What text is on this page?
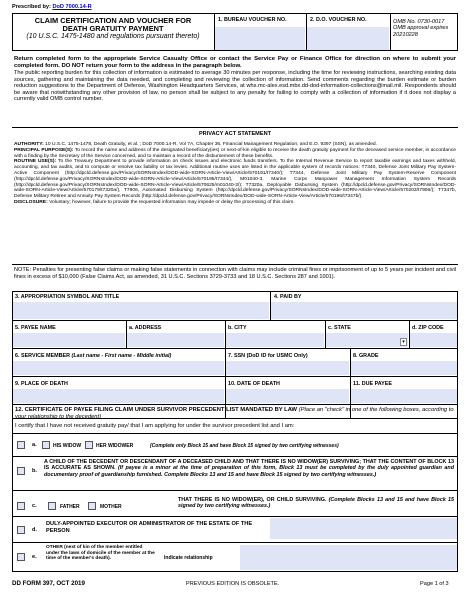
Prescribed by: DoD 7000.14-R
CLAIM CERTIFICATION AND VOUCHER FOR
DEATH GRATUITY PAYMENT
(10 U.S.C. 1475-1480 and regulations pursuant thereto)
1. BUREAU VOUCHER NO.	2. D.O. VOUCHER NO.	OMB No. 0730-0017
OMB approval expires
20210228
Return completed form to the appropriate Service Casualty Office or contact the Service Pay or Finance Office for direction on where to submit your completed form. DO NOT return your form to the address in the paragraph below.
The public reporting burden for this collection of information is estimated to average 30 minutes per response, including the time for reviewing instructions, searching existing data sources, gathering and maintaining the data needed, and completing and reviewing the collection of information. Send comments regarding the burden estimate or burden reduction suggestions to the Department of Defense, Washington Headquarters Services, at whs.mc-alex.esd.mbx.dd-dod-information-collections@mail.mil. Respondents should be aware that notwithstanding any other provision of law, no person shall be subject to any penalty for failing to comply with a collection of information if it does not display a currently valid OMB control number.
PRIVACY ACT STATEMENT
AUTHORITY: 10 U.S.C. 1475-1478, Death Gratuity, et al. ; DoD 7000.14-R, Vol 7A, Chapter 36, Financial Management Regulation; and E.O. 9397 (SSN), as amended.
PRINCIPAL PURPOSE(S): To record the name and address of the designated beneficiary(ies) or next-of-kin eligible to receive the death gratuity payment for the deceased service member, in accordance with a finding by the Secretary of the Service concerned, and to maintain a record of the disbursement of these benefits.
ROUTINE USE(S): To the Treasury Department to provide information on check issues and electronic funds transfers. To the Internal Revenue Service to report taxable earnings and taxes withheld, accounting, and tax audits, and to compute or resolve tax liability or tax levies. Additional routine uses are listed in the applicable system of records notices: T7340, Defense Joint Military Pay System-Active Component (http://dpcld.defense.gov/Privacy/SORNsIndex/DOD-wide-SORN-Article-View/Article/570191/t7340/); T7344, Defense Joint Military Pay System-Reserve Component (http://dpcld.defense.gov/Privacy/SORNsIndex/DOD-wide-SORN-Article-View/Article/570195/t7344/), M01040-3, Marine Corps Manpower Management Information System Records (http://dpcld.defense.gov/Privacy/SORNsIndex/DOD-wide-SORN-Article-View/Article/570625/m01040-3/); T7320a, Deployable Disbursing System (http://dpcld.defense.gov/Privacy/SORNsIndex/DOD-wide-SORN-Article-View/Article/570179/t7320a/), T7906, Automated Disbursing System (http://dpcld.defense.gov/Privacy/SORNsIndex/DOD-wide-SORN-Article-View/Article/570203/t7906/); T7347b, Defense Military Retiree and Annuity Pay System Records (http://dpcld.defense.gov/Privacy/SORNsIndex/DOD-wide-SORN-Article-View/Article/570196/t7347b/).
DISCLOSURE: Voluntary; however, failure to provide the requested information may impede or delay the processing of this claim.
NOTE: Penalties for presenting false claims or making false statements in connection with claims may include criminal fines or imprisonment of up to 5 years per incident and civil fines in excess of $10,000 (False Claims Act, as amended, 31 U.S.C. Sections 3729-3733 and 18 U.S.C. Sections 287 and 1001).
3. APPROPRIATION SYMBOL AND TITLE	4. PAID BY
5. PAYEE NAME	a. ADDRESS	b. CITY	c. STATE	d. ZIP CODE
▾
6. SERVICE MEMBER (Last name - First name - Middle initial)	7. SSN (DoD ID for USMC Only)	8. GRADE
9. PLACE OF DEATH	10. DATE OF DEATH	11. DUE PAYEE
12. CERTIFICATE OF PAYEE FILING CLAIM UNDER SURVIVOR PRECEDENT LIST MANDATED BY LAW (Place an "check" in one of the following boxes, according to your relationship to the decedent)
I certify that I have not received gratuity pay/ that I am applying for under the survivor precedent list and I am:
a.	HIS WIDOW	HER WIDOWER	(Complete only Block 15 and have Block 15 signed by two certifying witnesses)
b.
A CHILD OF THE DECEDENT OR DESCENDANT OF A DECEASED CHILD AND THAT THERE IS NO WIDOW(ER) SURVIVING; THAT THE CONTENT OF BLOCK 13 IS ACCURATE AS SHOWN. (If payee is a minor at the time of preparation of this form, Block 13 must be completed by the duly appointed guardian and documentary proof of guardianship furnished. Complete Blocks 13 and 15 and have Block 15 signed by two certifying witnesses.)
c.	FATHER	MOTHER
THAT THERE IS NO WIDOW(ER), OR CHILD SURVIVING. (Complete Blocks 13 and 15 and have Block 15 signed by two certifying witnesses.)
d.
DULY-APPOINTED EXECUTOR OR ADMINISTRATOR OF THE ESTATE OF THE PERSON
e.
OTHER (next of kin of the member entitled under the laws of domicile of the member at the time of the member's death).	Indicate relationship
DD FORM 397, OCT 2019	PREVIOUS EDITION IS OBSOLETE.	Page 1 of 3
